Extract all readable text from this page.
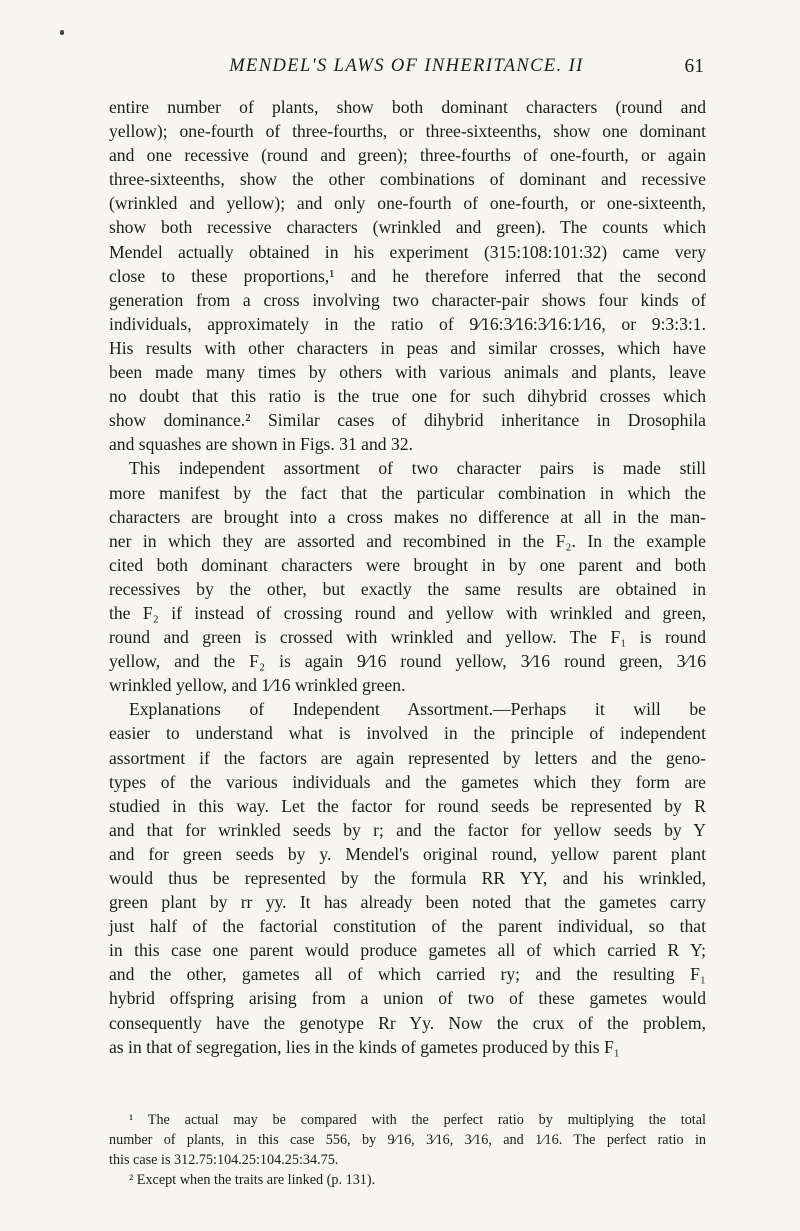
MENDEL'S LAWS OF INHERITANCE. II	61
entire number of plants, show both dominant characters (round and
yellow); one-fourth of three-fourths, or three-sixteenths, show one dominant
and one recessive (round and green); three-fourths of one-fourth, or again
three-sixteenths, show the other combinations of dominant and recessive
(wrinkled and yellow); and only one-fourth of one-fourth, or one-sixteenth,
show both recessive characters (wrinkled and green). The counts which
Mendel actually obtained in his experiment (315:108:101:32) came very
close to these proportions,¹ and he therefore inferred that the second
generation from a cross involving two character-pair shows four kinds of
individuals, approximately in the ratio of 9⁄16:3⁄16:3⁄16:1⁄16, or 9:3:3:1.
His results with other characters in peas and similar crosses, which have
been made many times by others with various animals and plants, leave
no doubt that this ratio is the true one for such dihybrid crosses which
show dominance.² Similar cases of dihybrid inheritance in Drosophila
and squashes are shown in Figs. 31 and 32.
This independent assortment of two character pairs is made still
more manifest by the fact that the particular combination in which the
characters are brought into a cross makes no difference at all in the man-
ner in which they are assorted and recombined in the F₂. In the example
cited both dominant characters were brought in by one parent and both
recessives by the other, but exactly the same results are obtained in
the F₂ if instead of crossing round and yellow with wrinkled and green,
round and green is crossed with wrinkled and yellow. The F₁ is round
yellow, and the F₂ is again 9⁄16 round yellow, 3⁄16 round green, 3⁄16
wrinkled yellow, and 1⁄16 wrinkled green.
Explanations of Independent Assortment.—Perhaps it will be
easier to understand what is involved in the principle of independent
assortment if the factors are again represented by letters and the geno-
types of the various individuals and the gametes which they form are
studied in this way. Let the factor for round seeds be represented by R
and that for wrinkled seeds by r; and the factor for yellow seeds by Y
and for green seeds by y. Mendel's original round, yellow parent plant
would thus be represented by the formula RR YY, and his wrinkled,
green plant by rr yy. It has already been noted that the gametes carry
just half of the factorial constitution of the parent individual, so that
in this case one parent would produce gametes all of which carried R Y;
and the other, gametes all of which carried ry; and the resulting F₁
hybrid offspring arising from a union of two of these gametes would
consequently have the genotype Rr Yy. Now the crux of the problem,
as in that of segregation, lies in the kinds of gametes produced by this F₁
¹ The actual may be compared with the perfect ratio by multiplying the total
number of plants, in this case 556, by 9⁄16, 3⁄16, 3⁄16, and 1⁄16. The perfect ratio in
this case is 312.75:104.25:104.25:34.75.
² Except when the traits are linked (p. 131).
